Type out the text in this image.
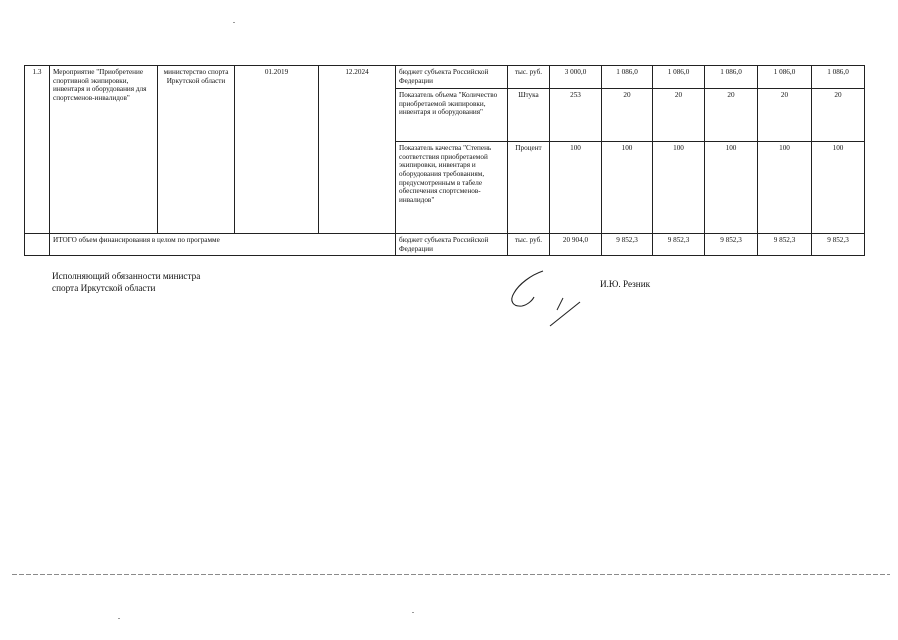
1.3	Мероприятие "Приобретение спортивной экипировки, инвентаря и оборудования для спортсменов-инвалидов"	министерство спорта Иркутской области	01.2019	12.2024	бюджет субъекта Российской Федерации	тыс. руб.	3 000,0	1 086,0	1 086,0	1 086,0	1 086,0	1 086,0
					Показатель объема "Количество приобретаемой экипировки, инвентаря и оборудования"	Штука	253	20	20	20	20	20
					Показатель качества "Степень соответствия приобретаемой экипировки, инвентаря и оборудования требованиям, предусмотренным в табеле обеспечения спортсменов-инвалидов"	Процент	100	100	100	100	100	100
	ИТОГО объем финансирования в целом по программе				бюджет субъекта Российской Федерации	тыс. руб.	20 904,0	9 852,3	9 852,3	9 852,3	9 852,3	9 852,3
Исполняющий обязанности министра
спорта Иркутской области	И.Ю. Резник
